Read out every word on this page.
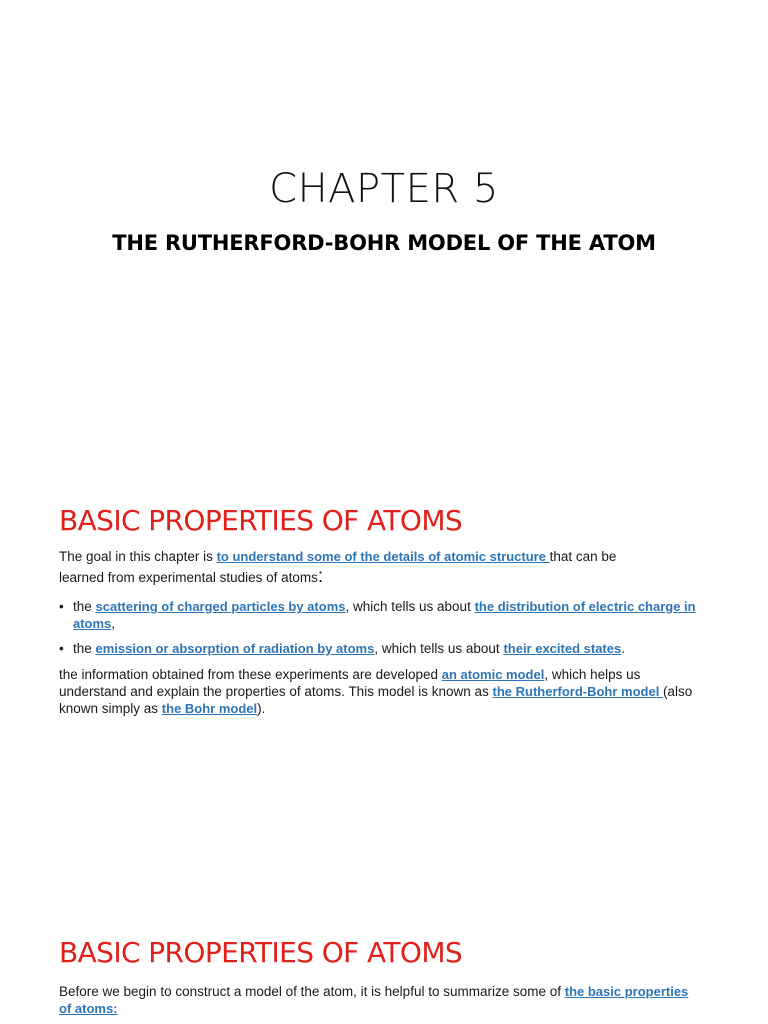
CHAPTER 5
THE RUTHERFORD-BOHR MODEL OF THE ATOM
BASIC PROPERTIES OF ATOMS
The goal in this chapter is to understand some of the details of atomic structure that can be
learned from experimental studies of atoms:
• the scattering of charged particles by atoms, which tells us about the distribution of electric charge in atoms,
• the emission or absorption of radiation by atoms, which tells us about their excited states.
the information obtained from these experiments are developed an atomic model, which helps us understand and explain the properties of atoms. This model is known as the Rutherford-Bohr model (also known simply as the Bohr model).
BASIC PROPERTIES OF ATOMS
Before we begin to construct a model of the atom, it is helpful to summarize some of the basic properties of atoms:
